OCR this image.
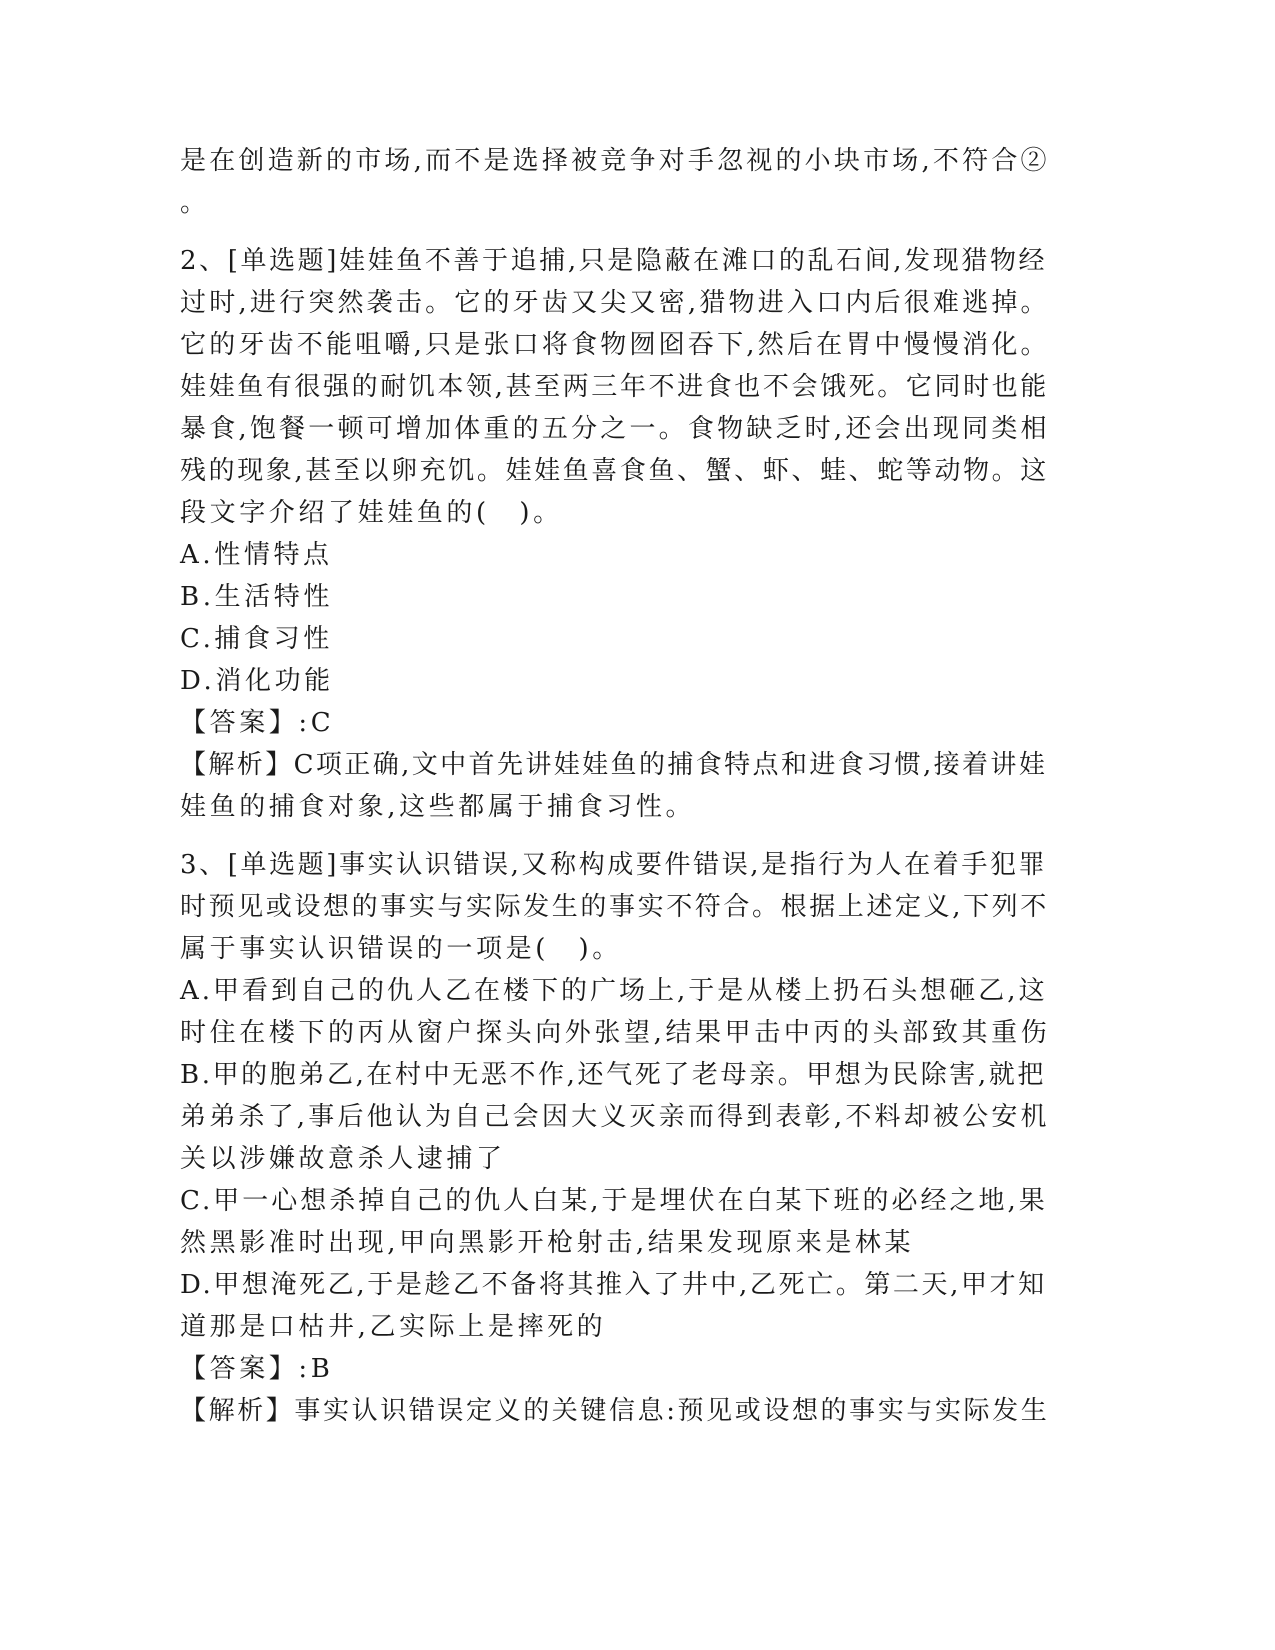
是在创造新的市场,而不是选择被竞争对手忽视的小块市场,不符合②
。
2、[单选题]娃娃鱼不善于追捕,只是隐蔽在滩口的乱石间,发现猎物经
过时,进行突然袭击。它的牙齿又尖又密,猎物进入口内后很难逃掉。
它的牙齿不能咀嚼,只是张口将食物囫囵吞下,然后在胃中慢慢消化。
娃娃鱼有很强的耐饥本领,甚至两三年不进食也不会饿死。它同时也能
暴食,饱餐一顿可增加体重的五分之一。食物缺乏时,还会出现同类相
残的现象,甚至以卵充饥。娃娃鱼喜食鱼、蟹、虾、蛙、蛇等动物。这
段文字介绍了娃娃鱼的(　)。
A.性情特点
B.生活特性
C.捕食习性
D.消化功能
【答案】:C
【解析】C项正确,文中首先讲娃娃鱼的捕食特点和进食习惯,接着讲娃
娃鱼的捕食对象,这些都属于捕食习性。
3、[单选题]事实认识错误,又称构成要件错误,是指行为人在着手犯罪
时预见或设想的事实与实际发生的事实不符合。根据上述定义,下列不
属于事实认识错误的一项是(　)。
A.甲看到自己的仇人乙在楼下的广场上,于是从楼上扔石头想砸乙,这
时住在楼下的丙从窗户探头向外张望,结果甲击中丙的头部致其重伤
B.甲的胞弟乙,在村中无恶不作,还气死了老母亲。甲想为民除害,就把
弟弟杀了,事后他认为自己会因大义灭亲而得到表彰,不料却被公安机
关以涉嫌故意杀人逮捕了
C.甲一心想杀掉自己的仇人白某,于是埋伏在白某下班的必经之地,果
然黑影准时出现,甲向黑影开枪射击,结果发现原来是林某
D.甲想淹死乙,于是趁乙不备将其推入了井中,乙死亡。第二天,甲才知
道那是口枯井,乙实际上是摔死的
【答案】:B
【解析】事实认识错误定义的关键信息:预见或设想的事实与实际发生
